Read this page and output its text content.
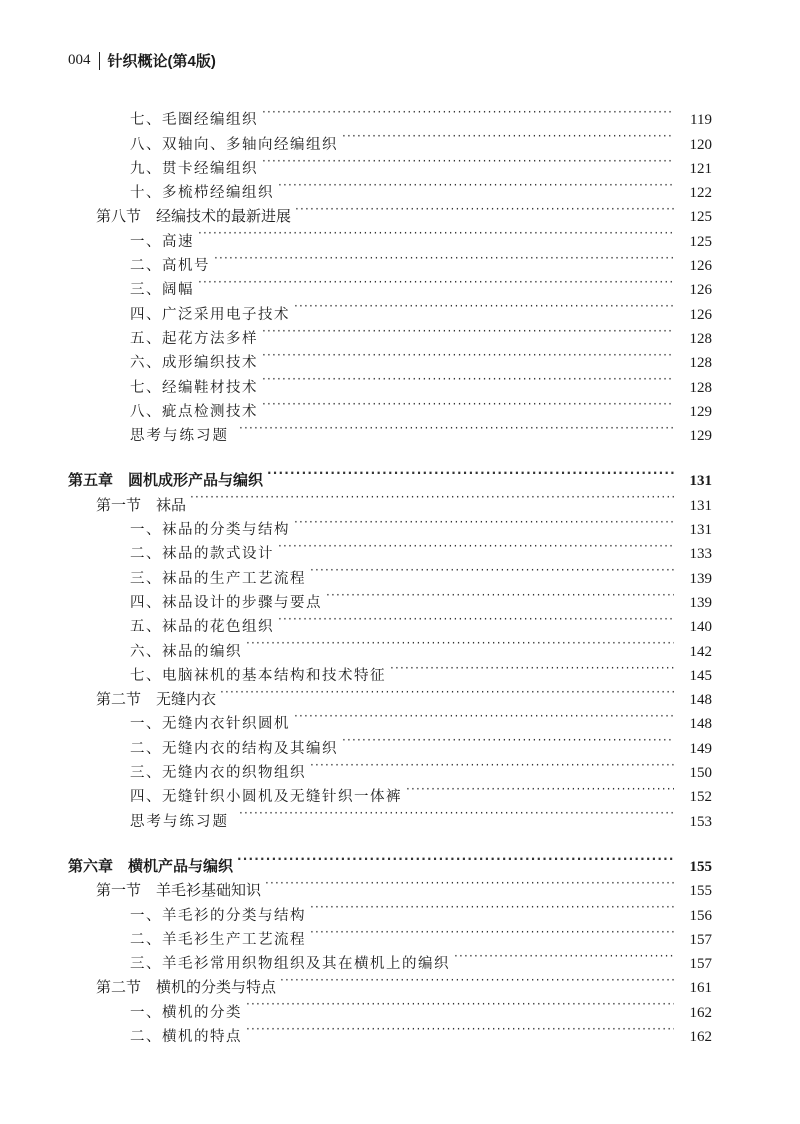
004 针织概论(第4版)
七、毛圈经编组织 ·····	119
八、双轴向、多轴向经编组织 ·····	120
九、贯卡经编组织 ·····	121
十、多梳栉经编组织 ·····	122
第八节　经编技术的最新进展 ·····	125
一、高速 ·····	125
二、高机号 ·····	126
三、阔幅 ·····	126
四、广泛采用电子技术 ·····	126
五、起花方法多样 ·····	128
六、成形编织技术 ·····	128
七、经编鞋材技术 ·····	128
八、疵点检测技术 ·····	129
思考与练习题 ·····	129
第五章　圆机成形产品与编织 ·····	131
第一节　袜品 ·····	131
一、袜品的分类与结构 ·····	131
二、袜品的款式设计 ·····	133
三、袜品的生产工艺流程 ·····	139
四、袜品设计的步骤与要点 ·····	139
五、袜品的花色组织 ·····	140
六、袜品的编织 ·····	142
七、电脑袜机的基本结构和技术特征 ·····	145
第二节　无缝内衣 ·····	148
一、无缝内衣针织圆机 ·····	148
二、无缝内衣的结构及其编织 ·····	149
三、无缝内衣的织物组织 ·····	150
四、无缝针织小圆机及无缝针织一体裤 ·····	152
思考与练习题 ·····	153
第六章　横机产品与编织 ·····	155
第一节　羊毛衫基础知识 ·····	155
一、羊毛衫的分类与结构 ·····	156
二、羊毛衫生产工艺流程 ·····	157
三、羊毛衫常用织物组织及其在横机上的编织 ·····	157
第二节　横机的分类与特点 ·····	161
一、横机的分类 ·····	162
二、横机的特点 ·····	162
